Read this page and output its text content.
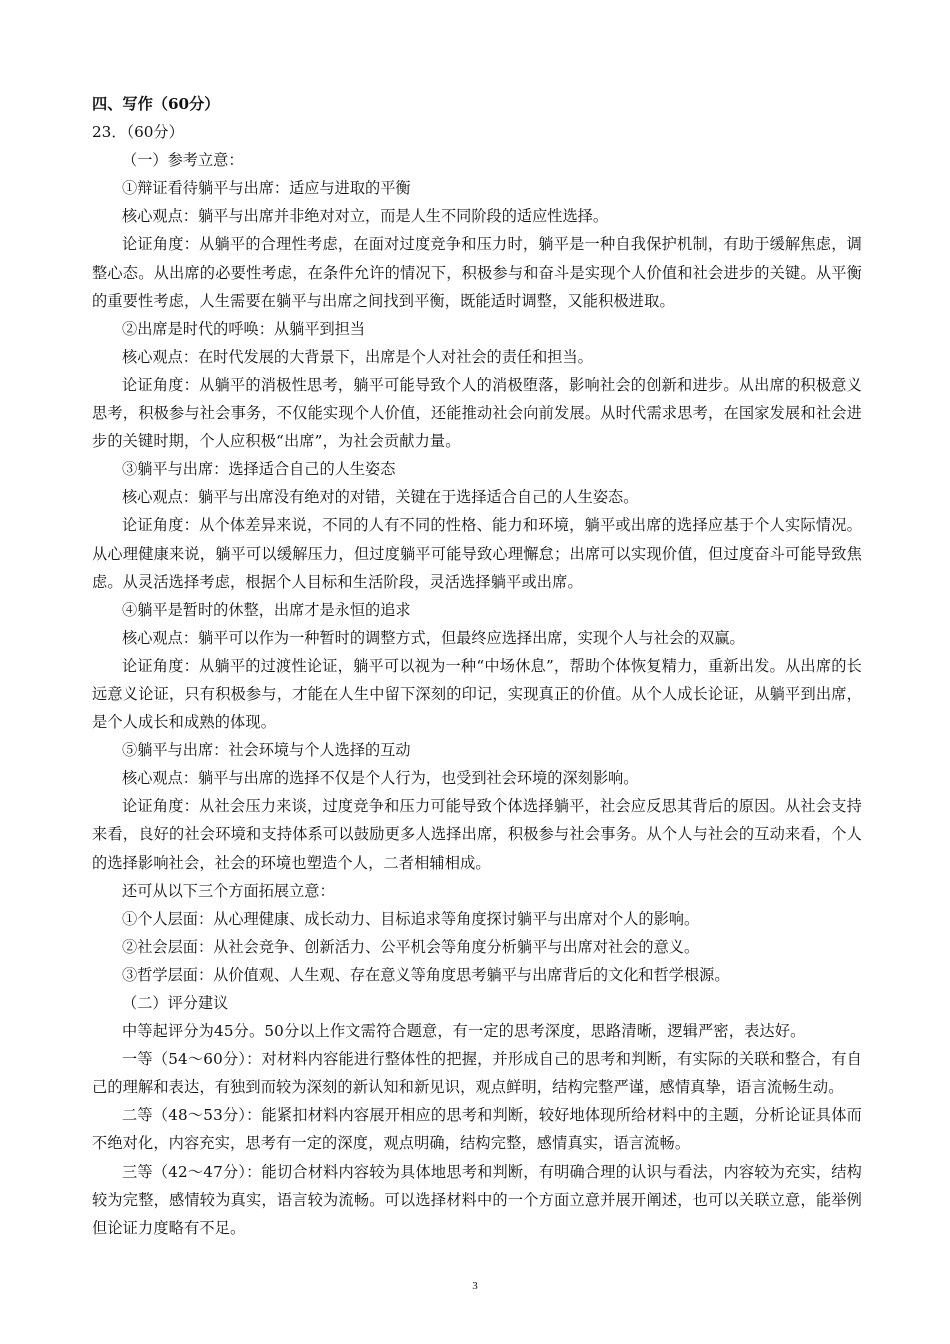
四、写作（60分）
23．（60分）
（一）参考立意：
①辩证看待躺平与出席：适应与进取的平衡
核心观点：躺平与出席并非绝对对立，而是人生不同阶段的适应性选择。
论证角度：从躺平的合理性考虑，在面对过度竞争和压力时，躺平是一种自我保护机制，有助于缓解焦虑，调整心态。从出席的必要性考虑，在条件允许的情况下，积极参与和奋斗是实现个人价值和社会进步的关键。从平衡的重要性考虑，人生需要在躺平与出席之间找到平衡，既能适时调整，又能积极进取。
②出席是时代的呼唤：从躺平到担当
核心观点：在时代发展的大背景下，出席是个人对社会的责任和担当。
论证角度：从躺平的消极性思考，躺平可能导致个人的消极堕落，影响社会的创新和进步。从出席的积极意义思考，积极参与社会事务，不仅能实现个人价值，还能推动社会向前发展。从时代需求思考，在国家发展和社会进步的关键时期，个人应积极“出席”，为社会贡献力量。
③躺平与出席：选择适合自己的人生姿态
核心观点：躺平与出席没有绝对的对错，关键在于选择适合自己的人生姿态。
论证角度：从个体差异来说，不同的人有不同的性格、能力和环境，躺平或出席的选择应基于个人实际情况。从心理健康来说，躺平可以缓解压力，但过度躺平可能导致心理懈怠；出席可以实现价值，但过度奋斗可能导致焦虑。从灵活选择考虑，根据个人目标和生活阶段，灵活选择躺平或出席。
④躺平是暂时的休整，出席才是永恒的追求
核心观点：躺平可以作为一种暂时的调整方式，但最终应选择出席，实现个人与社会的双赢。
论证角度：从躺平的过渡性论证，躺平可以视为一种“中场休息”，帮助个体恢复精力，重新出发。从出席的长远意义论证，只有积极参与，才能在人生中留下深刻的印记，实现真正的价值。从个人成长论证，从躺平到出席，是个人成长和成熟的体现。
⑤躺平与出席：社会环境与个人选择的互动
核心观点：躺平与出席的选择不仅是个人行为，也受到社会环境的深刻影响。
论证角度：从社会压力来谈，过度竞争和压力可能导致个体选择躺平，社会应反思其背后的原因。从社会支持来看，良好的社会环境和支持体系可以鼓励更多人选择出席，积极参与社会事务。从个人与社会的互动来看，个人的选择影响社会，社会的环境也塑造个人，二者相辅相成。
还可从以下三个方面拓展立意：
①个人层面：从心理健康、成长动力、目标追求等角度探讨躺平与出席对个人的影响。
②社会层面：从社会竞争、创新活力、公平机会等角度分析躺平与出席对社会的意义。
③哲学层面：从价值观、人生观、存在意义等角度思考躺平与出席背后的文化和哲学根源。
（二）评分建议
中等起评分为45分。50分以上作文需符合题意，有一定的思考深度，思路清晰，逻辑严密，表达好。
一等（54～60分）：对材料内容能进行整体性的把握，并形成自己的思考和判断，有实际的关联和整合，有自己的理解和表达，有独到而较为深刻的新认知和新见识，观点鲜明，结构完整严谨，感情真挚，语言流畅生动。
二等（48～53分）：能紧扣材料内容展开相应的思考和判断，较好地体现所给材料中的主题，分析论证具体而不绝对化，内容充实，思考有一定的深度，观点明确，结构完整，感情真实，语言流畅。
三等（42～47分）：能切合材料内容较为具体地思考和判断，有明确合理的认识与看法，内容较为充实，结构较为完整，感情较为真实，语言较为流畅。可以选择材料中的一个方面立意并展开阐述，也可以关联立意，能举例但论证力度略有不足。
3
